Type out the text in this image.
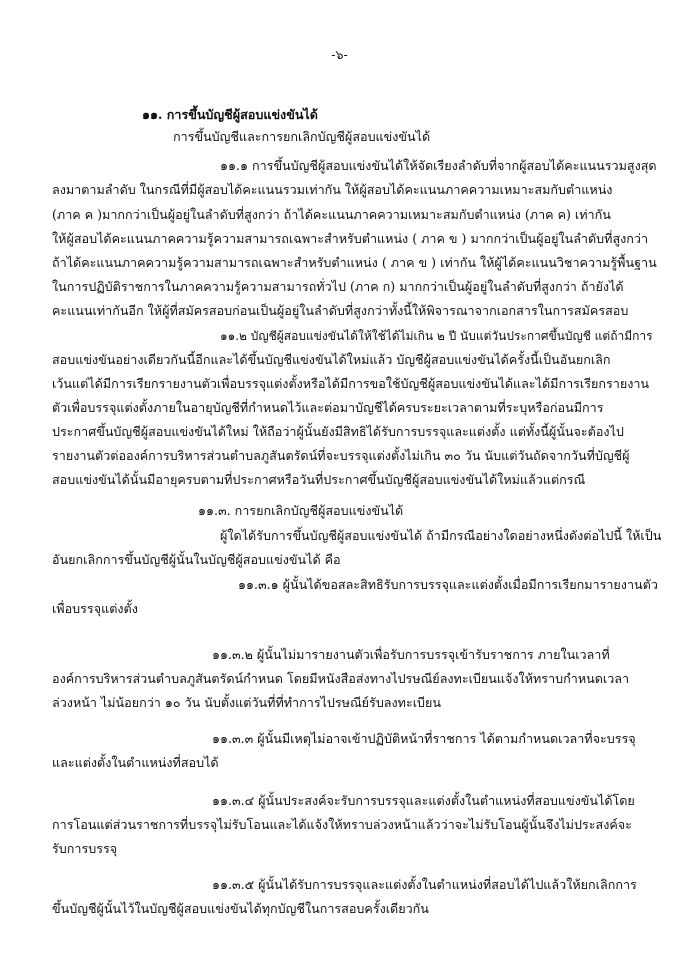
-๖-
๑๑. การขึ้นบัญชีผู้สอบแข่งขันได้
การขึ้นบัญชีและการยกเลิกบัญชีผู้สอบแข่งขันได้
๑๑.๑ การขึ้นบัญชีผู้สอบแข่งขันได้ให้จัดเรียงลำดับที่จากผู้สอบได้คะแนนรวมสูงสุด
ลงมาตามลำดับ ในกรณีที่มีผู้สอบได้คะแนนรวมเท่ากัน ให้ผู้สอบได้คะแนนภาคความเหมาะสมกับตำแหน่ง
(ภาค ค )มากกว่าเป็นผู้อยู่ในลำดับที่สูงกว่า ถ้าได้คะแนนภาคความเหมาะสมกับตำแหน่ง (ภาค ค) เท่ากัน
ให้ผู้สอบได้คะแนนภาคความรู้ความสามารถเฉพาะสำหรับตำแหน่ง ( ภาค ข ) มากกว่าเป็นผู้อยู่ในลำดับที่สูงกว่า
ถ้าได้คะแนนภาคความรู้ความสามารถเฉพาะสำหรับตำแหน่ง ( ภาค ข ) เท่ากัน ให้ผู้ได้คะแนนวิชาความรู้พื้นฐาน
ในการปฏิบัติราชการในภาคความรู้ความสามารถทั่วไป (ภาค ก) มากกว่าเป็นผู้อยู่ในลำดับที่สูงกว่า ถ้ายังได้
คะแนนเท่ากันอีก ให้ผู้ที่สมัครสอบก่อนเป็นผู้อยู่ในลำดับที่สูงกว่าทั้งนี้ให้พิจารณาจากเอกสารในการสมัครสอบ
๑๑.๒ บัญชีผู้สอบแข่งขันได้ให้ใช้ได้ไม่เกิน ๒ ปี นับแต่วันประกาศขึ้นบัญชี แต่ถ้ามีการ
สอบแข่งขันอย่างเดียวกันนี้อีกและได้ขึ้นบัญชีแข่งขันได้ใหม่แล้ว บัญชีผู้สอบแข่งขันได้ครั้งนี้เป็นอันยกเลิก
เว้นแต่ได้มีการเรียกรายงานตัวเพื่อบรรจุแต่งตั้งหรือได้มีการขอใช้บัญชีผู้สอบแข่งขันได้และได้มีการเรียกรายงาน
ตัวเพื่อบรรจุแต่งตั้งภายในอายุบัญชีที่กำหนดไว้และต่อมาบัญชีได้ครบระยะเวลาตามที่ระบุหรือก่อนมีการ
ประกาศขึ้นบัญชีผู้สอบแข่งขันได้ใหม่ ให้ถือว่าผู้นั้นยังมีสิทธิได้รับการบรรจุและแต่งตั้ง แต่ทั้งนี้ผู้นั้นจะต้องไป
รายงานตัวต่อองค์การบริหารส่วนตำบลภูสันตรัดน์ที่จะบรรจุแต่งตั้งไม่เกิน ๓๐ วัน นับแต่วันถัดจากวันที่บัญชีผู้
สอบแข่งขันได้นั้นมีอายุครบตามที่ประกาศหรือวันที่ประกาศขึ้นบัญชีผู้สอบแข่งขันได้ใหม่แล้วแต่กรณี
๑๑.๓. การยกเลิกบัญชีผู้สอบแข่งขันได้
ผู้ใดได้รับการขึ้นบัญชีผู้สอบแข่งขันได้ ถ้ามีกรณีอย่างใดอย่างหนึ่งดังต่อไปนี้ ให้เป็น
อันยกเลิกการขึ้นบัญชีผู้นั้นในบัญชีผู้สอบแข่งขันได้ คือ
๑๑.๓.๑ ผู้นั้นได้ขอสละสิทธิรับการบรรจุและแต่งตั้งเมื่อมีการเรียกมารายงานตัว
เพื่อบรรจุแต่งตั้ง
๑๑.๓.๒ ผู้นั้นไม่มารายงานตัวเพื่อรับการบรรจุเข้ารับราชการ ภายในเวลาที่
องค์การบริหารส่วนตำบลภูสันตรัดน์กำหนด โดยมีหนังสือส่งทางไปรษณีย์ลงทะเบียนแจ้งให้ทราบกำหนดเวลา
ล่วงหน้า ไม่น้อยกว่า ๑๐ วัน นับตั้งแต่วันที่ที่ทำการไปรษณีย์รับลงทะเบียน
๑๑.๓.๓ ผู้นั้นมีเหตุไม่อาจเข้าปฏิบัติหน้าที่ราชการ ได้ตามกำหนดเวลาที่จะบรรจุ
และแต่งตั้งในตำแหน่งที่สอบได้
๑๑.๓.๔ ผู้นั้นประสงค์จะรับการบรรจุและแต่งตั้งในตำแหน่งที่สอบแข่งขันได้โดย
การโอนแต่ส่วนราชการที่บรรจุไม่รับโอนและได้แจ้งให้ทราบล่วงหน้าแล้วว่าจะไม่รับโอนผู้นั้นจึงไม่ประสงค์จะ
รับการบรรจุ
๑๑.๓.๕ ผู้นั้นได้รับการบรรจุและแต่งตั้งในตำแหน่งที่สอบได้ไปแล้วให้ยกเลิกการ
ขึ้นบัญชีผู้นั้นไว้ในบัญชีผู้สอบแข่งขันได้ทุกบัญชีในการสอบครั้งเดียวกัน
